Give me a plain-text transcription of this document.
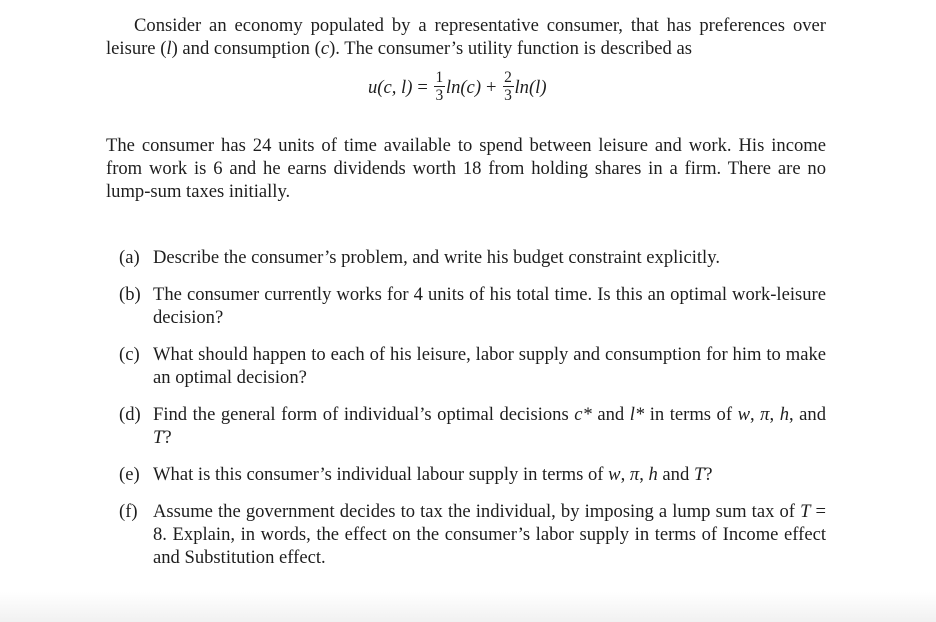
Consider an economy populated by a representative consumer, that has preferences over leisure (l) and consumption (c). The consumer’s utility function is described as

u(c, $l) = \frac{1}{3} \ln(c) + \frac{2}{3} \ln(l)$

The consumer has 24 units of time available to spend between leisure and work. His income from work is 6 and he earns dividends worth 18 from holding shares in a firm. There are no lump-sum taxes initially.

(a) Describe the consumer’s problem, and write his budget constraint explicitly.
(b) The consumer currently works for 4 units of his total time. Is this an optimal work-leisure decision?
(c) What should happen to each of his leisure, labor supply and consumption for him to make an optimal decision?
(d) Find the general form of individual’s optimal decisions c* and l* in terms of w, π, h, and T?
(e) What is this consumer’s individual labour supply in terms of w, π, h and T?
(f) Assume the government decides to tax the individual, by imposing a lump sum tax of T = 8. Explain, in words, the effect on the consumer’s labor supply in terms of Income effect and Substitution effect.
